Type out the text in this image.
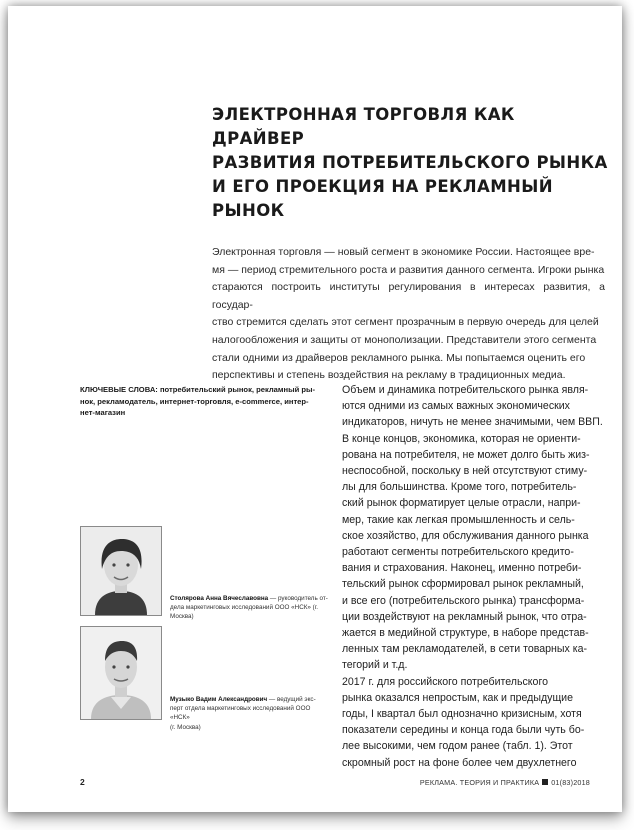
ЭЛЕКТРОННАЯ ТОРГОВЛЯ КАК ДРАЙВЕР
РАЗВИТИЯ ПОТРЕБИТЕЛЬСКОГО РЫНКА
И ЕГО ПРОЕКЦИЯ НА РЕКЛАМНЫЙ РЫНОК

Электронная торговля — новый сегмент в экономике России. Настоящее вре-
мя — период стремительного роста и развития данного сегмента. Игроки рынка
стараются построить институты регулирования в интересах развития, а государ-
ство стремится сделать этот сегмент прозрачным в первую очередь для целей
налогообложения и защиты от монополизации. Представители этого сегмента
стали одними из драйверов рекламного рынка. Мы попытаемся оценить его
перспективы и степень воздействия на рекламу в традиционных медиа.

КЛЮЧЕВЫЕ СЛОВА: потребительский рынок, рекламный ры-
нок, рекламодатель, интернет-торговля, e-commerce, интер-
нет-магазин

Объем и динамика потребительского рынка явля-
ются одними из самых важных экономических
индикаторов, ничуть не менее значимыми, чем ВВП.
В конце концов, экономика, которая не ориенти-
рована на потребителя, не может долго быть жиз-
неспособной, поскольку в ней отсутствуют стиму-
лы для большинства. Кроме того, потребитель-
ский рынок форматирует целые отрасли, напри-
мер, такие как легкая промышленность и сель-
ское хозяйство, для обслуживания данного рынка
работают сегменты потребительского кредито-
вания и страхования. Наконец, именно потреби-
тельский рынок сформировал рынок рекламный,
и все его (потребительского рынка) трансформа-
ции воздействуют на рекламный рынок, что отра-
жается в медийной структуре, в наборе представ-
ленных там рекламодателей, в сети товарных ка-
тегорий и т.д.
2017 г. для российского потребительского
рынка оказался непростым, как и предыдущие
годы, I квартал был однозначно кризисным, хотя
показатели середины и конца года были чуть бо-
лее высокими, чем годом ранее (табл. 1). Этот
скромный рост на фоне более чем двухлетнего

Столярова Анна Вячеславовна — руководитель от-
дела маркетинговых исследований ООО «НСК» (г. Москва)

Музыко Вадим Александрович — ведущий экс-
перт отдела маркетинговых исследований ООО «НСК»
(г. Москва)

2	РЕКЛАМА. ТЕОРИЯ И ПРАКТИКА 01(83)2018
